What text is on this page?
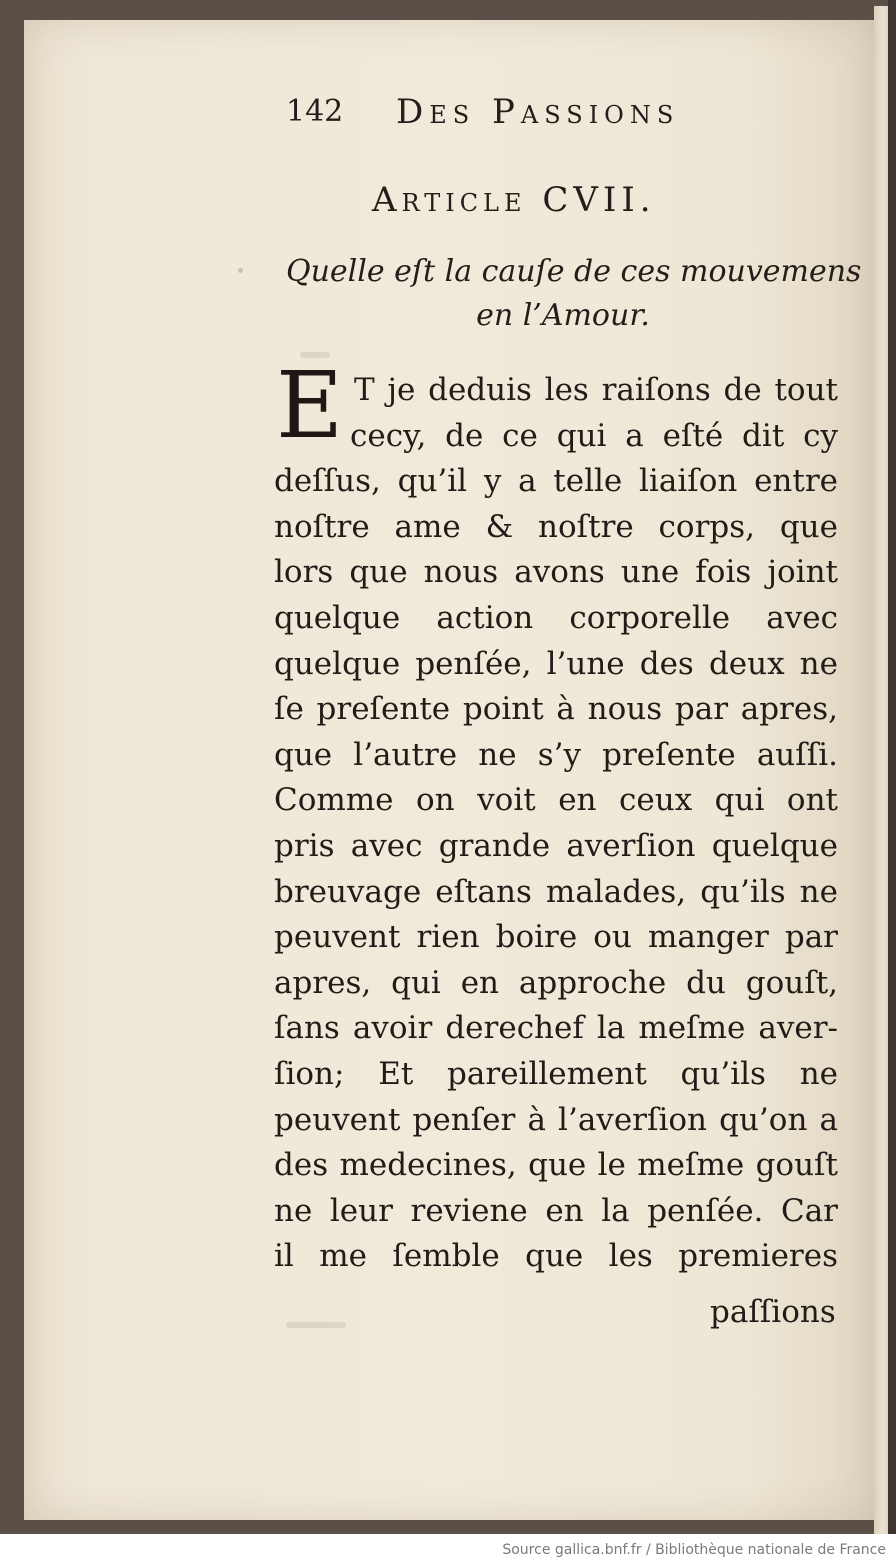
142 Des Passions
Article CVII.
Quelle eſt la cauſe de ces mouvemens
en l’Amour.
E T je deduis les raiſons de tout
cecy, de ce qui a eſté dit cy
deſſus, qu’il y a telle liaiſon entre
noſtre ame & noſtre corps, que
lors que nous avons une fois joint
quelque action corporelle avec
quelque penſée, l’une des deux ne
ſe preſente point à nous par apres,
que l’autre ne s’y preſente auſſi.
Comme on voit en ceux qui ont
pris avec grande averſion quelque
breuvage eſtans malades, qu’ils ne
peuvent rien boire ou manger par
apres, qui en approche du gouſt,
ſans avoir derechef la meſme aver-
ſion; Et pareillement qu’ils ne
peuvent penſer à l’averſion qu’on a
des medecines, que le meſme gouſt
ne leur reviene en la penſée. Car
il me ſemble que les premieres
paſſions
Source gallica.bnf.fr / Bibliothèque nationale de France
